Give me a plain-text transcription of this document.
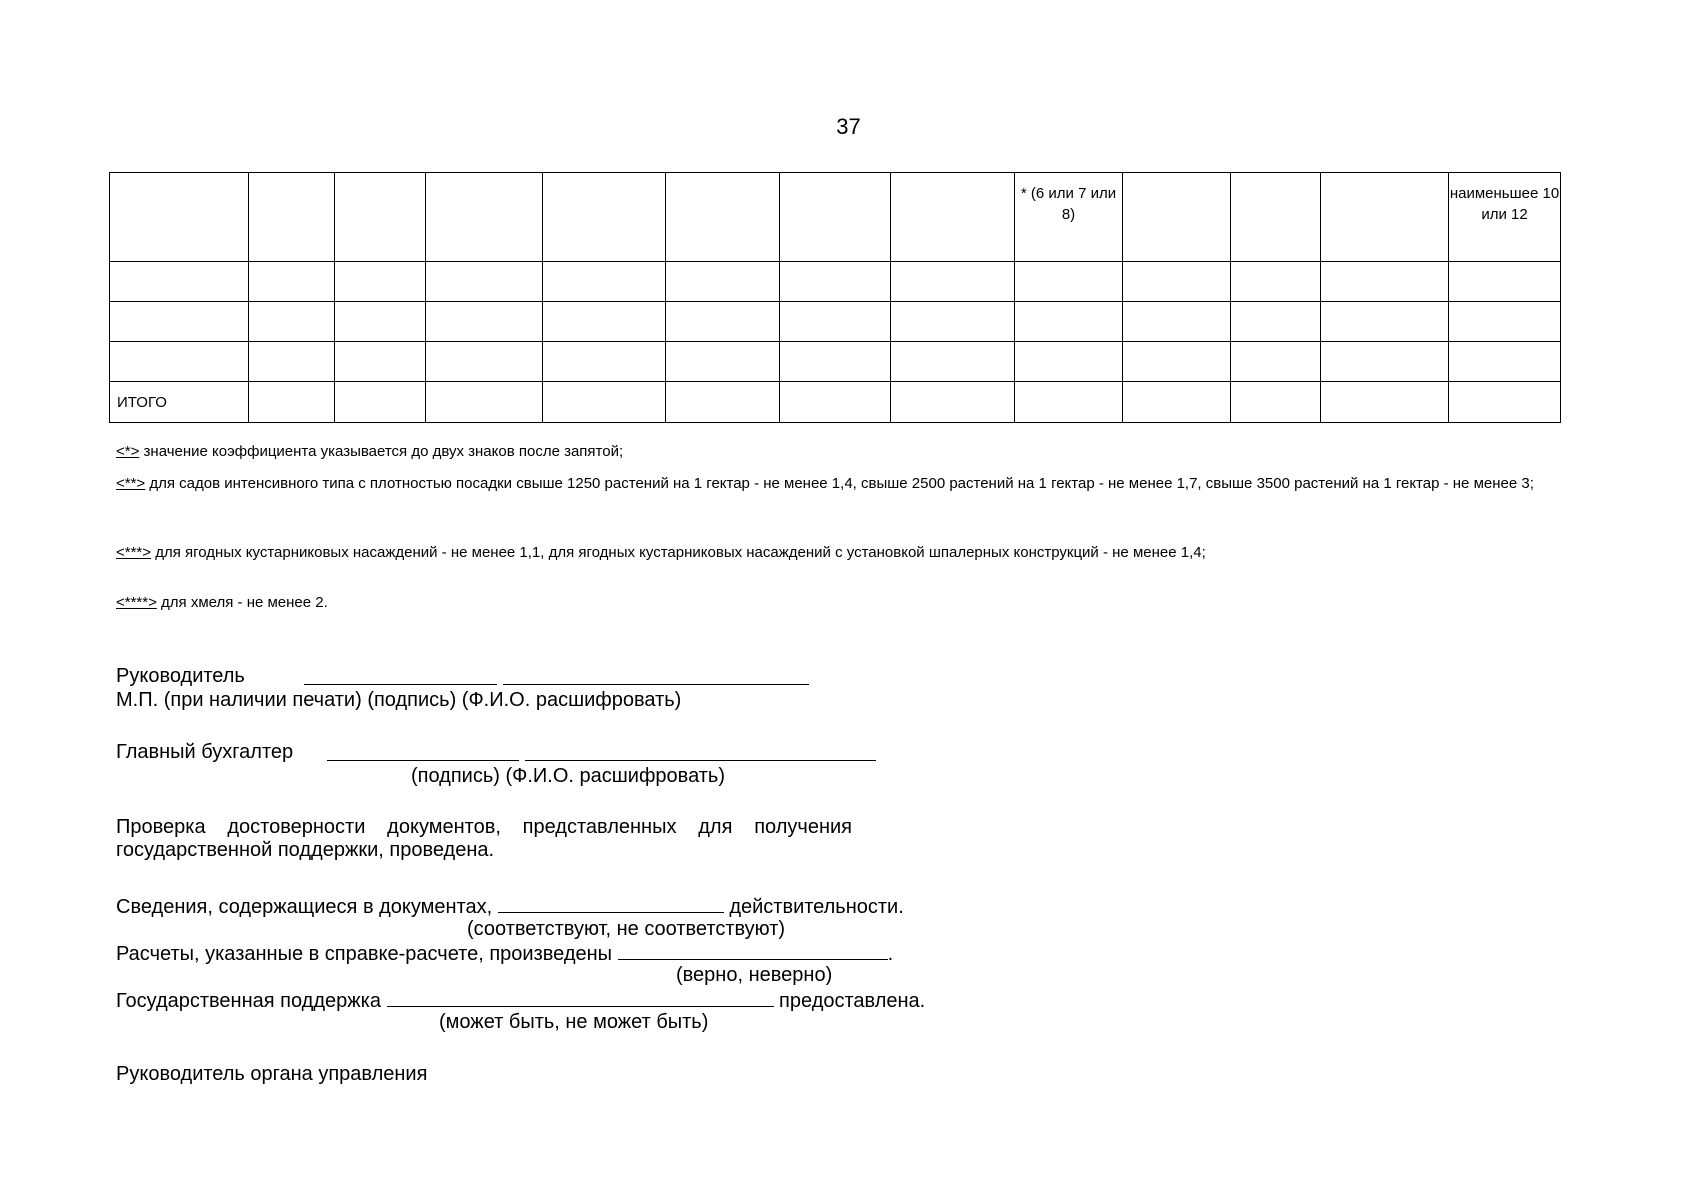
37
								* (6 или 7 или 8)				наименьшее 10 или 12

ИТОГО												
<*> значение коэффициента указывается до двух знаков после запятой;
<**> для садов интенсивного типа с плотностью посадки свыше 1250 растений на 1 гектар - не менее 1,4, свыше 2500 растений на 1 гектар - не менее 1,7, свыше 3500 растений на 1 гектар - не менее 3;
<***> для ягодных кустарниковых насаждений - не менее 1,1, для ягодных кустарниковых насаждений с установкой шпалерных конструкций - не менее 1,4;
<****> для хмеля - не менее 2.
Руководитель
М.П. (при наличии печати) (подпись) (Ф.И.О. расшифровать)
Главный бухгалтер
(подпись) (Ф.И.О. расшифровать)
Проверка достоверности документов, представленных для получения государственной поддержки, проведена.
Сведения, содержащиеся в документах,	действительности.
(соответствуют, не соответствуют)
Расчеты, указанные в справке-расчете, произведены	.
(верно, неверно)
Государственная поддержка	предоставлена.
(может быть, не может быть)
Руководитель органа управления
